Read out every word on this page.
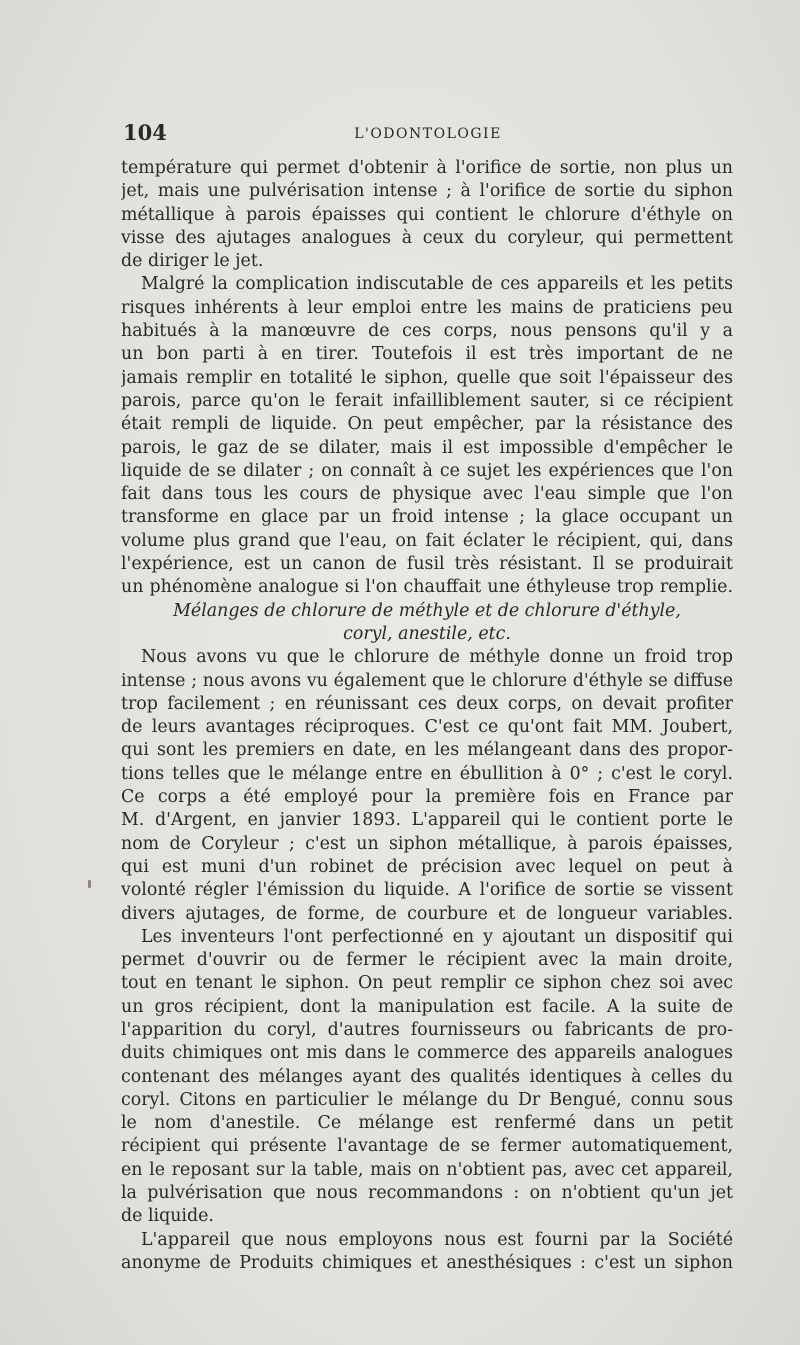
104	L'ODONTOLOGIE
température qui permet d'obtenir à l'orifice de sortie, non plus un
jet, mais une pulvérisation intense ; à l'orifice de sortie du siphon
métallique à parois épaisses qui contient le chlorure d'éthyle on
visse des ajutages analogues à ceux du coryleur, qui permettent
de diriger le jet.
Malgré la complication indiscutable de ces appareils et les petits
risques inhérents à leur emploi entre les mains de praticiens peu
habitués à la manœuvre de ces corps, nous pensons qu'il y a
un bon parti à en tirer. Toutefois il est très important de ne
jamais remplir en totalité le siphon, quelle que soit l'épaisseur des
parois, parce qu'on le ferait infailliblement sauter, si ce récipient
était rempli de liquide. On peut empêcher, par la résistance des
parois, le gaz de se dilater, mais il est impossible d'empêcher le
liquide de se dilater ; on connaît à ce sujet les expériences que l'on
fait dans tous les cours de physique avec l'eau simple que l'on
transforme en glace par un froid intense ; la glace occupant un
volume plus grand que l'eau, on fait éclater le récipient, qui, dans
l'expérience, est un canon de fusil très résistant. Il se produirait
un phénomène analogue si l'on chauffait une éthyleuse trop remplie.
Mélanges de chlorure de méthyle et de chlorure d'éthyle,
coryl, anestile, etc.
Nous avons vu que le chlorure de méthyle donne un froid trop
intense ; nous avons vu également que le chlorure d'éthyle se diffuse
trop facilement ; en réunissant ces deux corps, on devait profiter
de leurs avantages réciproques. C'est ce qu'ont fait MM. Joubert,
qui sont les premiers en date, en les mélangeant dans des propor-
tions telles que le mélange entre en ébullition à 0° ; c'est le coryl.
Ce corps a été employé pour la première fois en France par
M. d'Argent, en janvier 1893. L'appareil qui le contient porte le
nom de Coryleur ; c'est un siphon métallique, à parois épaisses,
qui est muni d'un robinet de précision avec lequel on peut à
volonté régler l'émission du liquide. A l'orifice de sortie se vissent
divers ajutages, de forme, de courbure et de longueur variables.
Les inventeurs l'ont perfectionné en y ajoutant un dispositif qui
permet d'ouvrir ou de fermer le récipient avec la main droite,
tout en tenant le siphon. On peut remplir ce siphon chez soi avec
un gros récipient, dont la manipulation est facile. A la suite de
l'apparition du coryl, d'autres fournisseurs ou fabricants de pro-
duits chimiques ont mis dans le commerce des appareils analogues
contenant des mélanges ayant des qualités identiques à celles du
coryl. Citons en particulier le mélange du Dr Bengué, connu sous
le nom d'anestile. Ce mélange est renfermé dans un petit
récipient qui présente l'avantage de se fermer automatiquement,
en le reposant sur la table, mais on n'obtient pas, avec cet appareil,
la pulvérisation que nous recommandons : on n'obtient qu'un jet
de liquide.
L'appareil que nous employons nous est fourni par la Société
anonyme de Produits chimiques et anesthésiques : c'est un siphon
